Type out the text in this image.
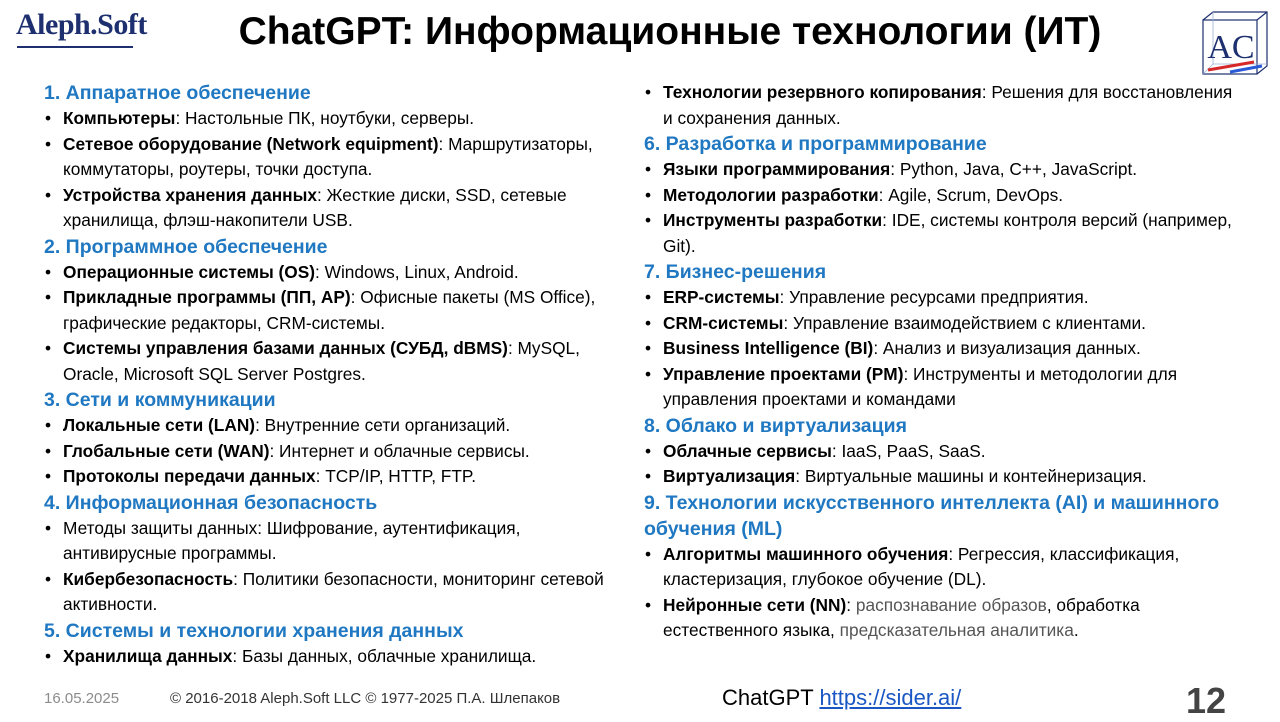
Aleph.Soft	ChatGPT: Информационные технологии (ИТ)	AC
1. Аппаратное обеспечение
• Компьютеры: Настольные ПК, ноутбуки, серверы.
• Сетевое оборудование (Network equipment): Маршрутизаторы, коммутаторы, роутеры, точки доступа.
• Устройства хранения данных: Жесткие диски, SSD, сетевые хранилища, флэш-накопители USB.
2. Программное обеспечение
• Операционные системы (OS): Windows, Linux, Android.
• Прикладные программы (ПП, AP): Офисные пакеты (MS Office), графические редакторы, CRM-системы.
• Системы управления базами данных (СУБД, dBMS): MySQL, Oracle, Microsoft SQL Server Postgres.
3. Сети и коммуникации
• Локальные сети (LAN): Внутренние сети организаций.
• Глобальные сети (WAN): Интернет и облачные сервисы.
• Протоколы передачи данных: TCP/IP, HTTP, FTP.
4. Информационная безопасность
• Методы защиты данных: Шифрование, аутентификация, антивирусные программы.
• Кибербезопасность: Политики безопасности, мониторинг сетевой активности.
5. Системы и технологии хранения данных
• Хранилища данных: Базы данных, облачные хранилища.
• Технологии резервного копирования: Решения для восстановления и сохранения данных.
6. Разработка и программирование
• Языки программирования: Python, Java, C++, JavaScript.
• Методологии разработки: Agile, Scrum, DevOps.
• Инструменты разработки: IDE, системы контроля версий (например, Git).
7. Бизнес-решения
• ERP-системы: Управление ресурсами предприятия.
• CRM-системы: Управление взаимодействием с клиентами.
• Business Intelligence (BI): Анализ и визуализация данных.
• Управление проектами (PM): Инструменты и методологии для управления проектами и командами
8. Облако и виртуализация
• Облачные сервисы: IaaS, PaaS, SaaS.
• Виртуализация: Виртуальные машины и контейнеризация.
9. Технологии искусственного интеллекта (AI) и машинного обучения (ML)
• Алгоритмы машинного обучения: Регрессия, классификация, кластеризация, глубокое обучение (DL).
• Нейронные сети (NN): распознавание образов, обработка естественного языка, предсказательная аналитика.
16.05.2025	© 2016-2018 Aleph.Soft LLC © 1977-2025 П.А. Шлепаков	ChatGPT https://sider.ai/	12
